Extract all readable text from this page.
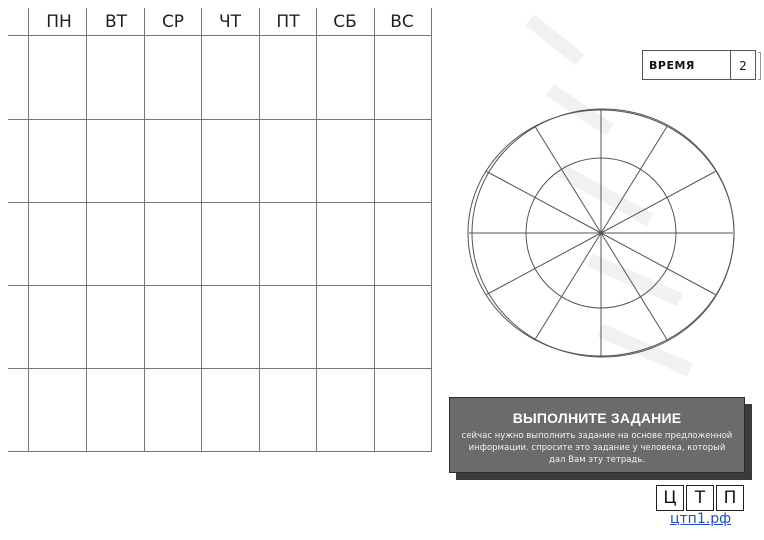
ПН	ВТ	СР	ЧТ	ПТ	СБ	ВС
ВРЕМЯ	2
ВЫПОЛНИТЕ ЗАДАНИЕ
сейчас нужно выполнить задание на основе предложенной информации. спросите это задание у человека, который дал Вам эту тетрадь.
Ц	Т	П
цтп1.рф
